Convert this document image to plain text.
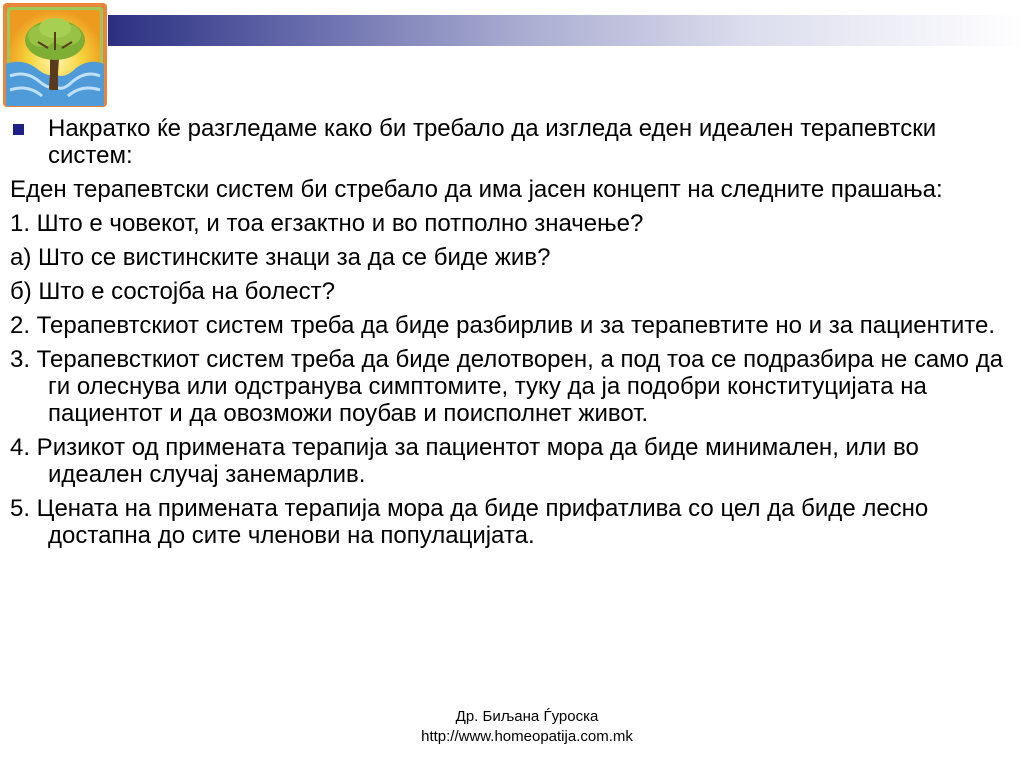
Накратко ќе разгледаме како би требало да изгледа еден идеален терапевтски систем:

Еден терапевтски систем би стребало да има јасен концепт на следните прашања:

1. Што е човекот, и тоа егзактно и во потполно значење?

а) Што се вистинските знаци за да се биде жив?

б) Што е состојба на болест?

2. Терапевтскиот систем треба да биде разбирлив и за терапевтите но и за пациентите.

3. Терапевсткиот систем треба да биде делотворен, а под тоа се подразбира не само да ги олеснува или одстранува симптомите, туку да ја подобри конституцијата на пациентот и да овозможи поубав и поисполнет живот.

4. Ризикот од применатa терапија за пациентот мора да биде минимален, или во идеален случај занемарлив.

5. Цената на применатa терапија мора да биде прифатлива со цел да биде лесно достапна до сите членови на популацијата.

Др. Биљана Ѓуроска
http://www.homeopatija.com.mk
